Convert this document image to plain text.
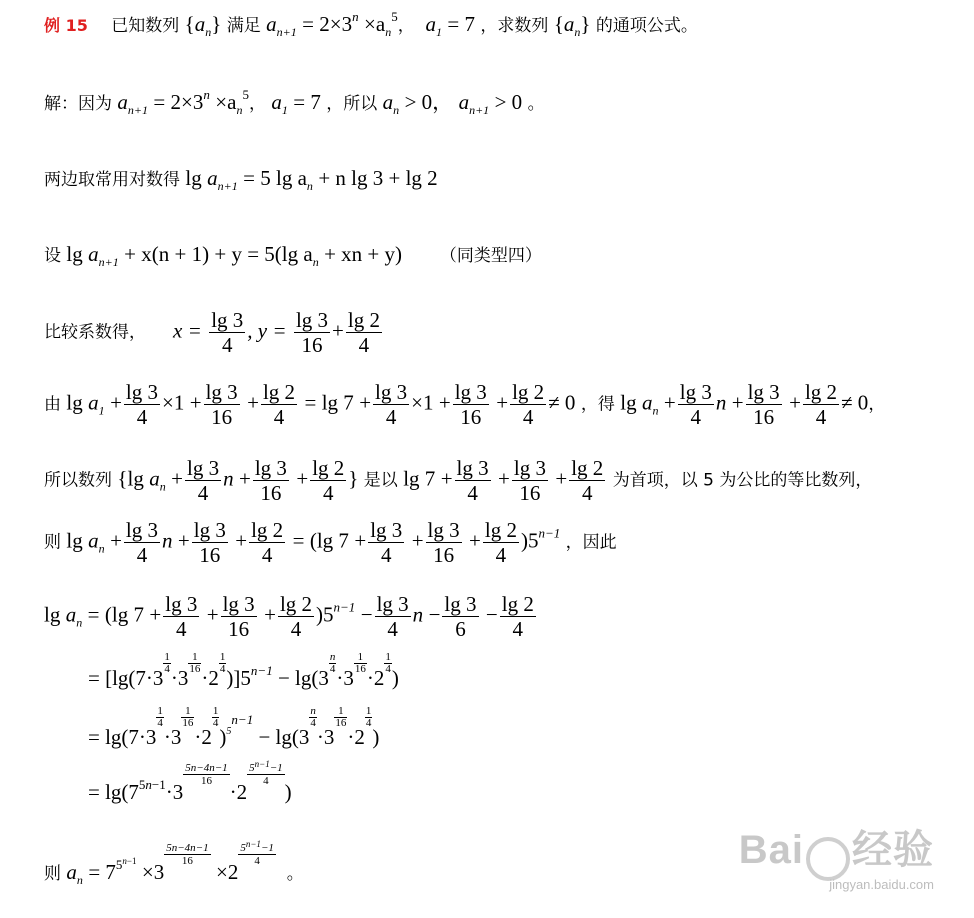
例 15 已知数列 $\{a_n\}$ 满足 $a_{n+1} = 2\times 3^n \times a_n^5$， $a_1 = 7$ ，求数列 $\{a_n\}$ 的通项公式。
解：因为 $a_{n+1} = 2\times 3^n \times a_n^5$， $a_1 = 7$ ，所以 $a_n > 0$， $a_{n+1} > 0$ 。
两边取常用对数得 $\lg a_{n+1} = 5$ $\lg a_n + n$ lg 3 + lg 2
设 $\lg a_{n+1} + x(n + 1) + y = 5(\lg$ $a_n$ + xn + y) （同类型四）
比较系数得， $x = \frac{\lg 3}{4}$ , $y = \frac{\lg 3}{16} + \frac{\lg 2}{4}$
由 $\lg a_1 + \frac{\lg 3}{4} \times 1 + \frac{\lg 3}{16} + \frac{\lg 2}{4} = \lg 7 + \frac{\lg 3}{4} \times 1 + \frac{\lg 3}{16} + \frac{\lg 2}{4} \ne 0$ ，得 $\lg a_n + \frac{\lg 3}{4}$ $n + \frac{\lg 3}{16} + \frac{\lg 2}{4} \ne 0$，
所以数列 {lg $a_n + \frac{\lg 3}{4}$ $n + \frac{\lg 3}{16} + \frac{\lg 2}{4}$ } 是以 $\lg 7 + \frac{\lg 3}{4} + \frac{\lg 3}{16} + \frac{\lg 2}{4}$ 为首项，以 5 为公比的等比数列，
则 $\lg a_n + \frac{\lg 3}{4}$ $n + \frac{\lg 3}{16} + \frac{\lg 2}{4} = (\lg$ $7 + \frac{\lg 3}{4} + \frac{\lg 3}{16} + \frac{\lg 2}{4} )5^{n-1}$ ，因此
$\lg a_n = (\lg$ $7 + \frac{\lg 3}{4} + \frac{\lg 3}{16} + \frac{\lg 2}{4} )5^{n-1} - \frac{\lg 3}{4}$ $n - \frac{\lg 3}{6} - \frac{\lg 2}{4}$
= [lg(7·3
$\frac{1}{4}$
·3
$\frac{1}{16}$
·2
$\frac{1}{4}$
)]$5^{n-1} - \lg(3$
$\frac{n}{4}$
·3
$\frac{1}{16}$
·2
$\frac{1}{4}$
)
= lg(7·3
$\frac{1}{4}$
·3
$\frac{1}{16}$
·2
$\frac{1}{4}$
)$^{5^{n-1}}$ − lg(3
$\frac{n}{4}$
·3
$\frac{1}{16}$
·2
$\frac{1}{4}$
)
= $\lg(7^{5n-1}\cdot 3$
$\frac{5n-4n-1}{16}$
·2
$\frac{5^{n-1}-1}{4}$
)
则 $a_n = 7^{5^{n-1}} \times 3$
$\frac{5n-4n-1}{16}$
×2
$\frac{5^{n-1}-1}{4}$
。
Bai 经验
jingyan.baidu.com
